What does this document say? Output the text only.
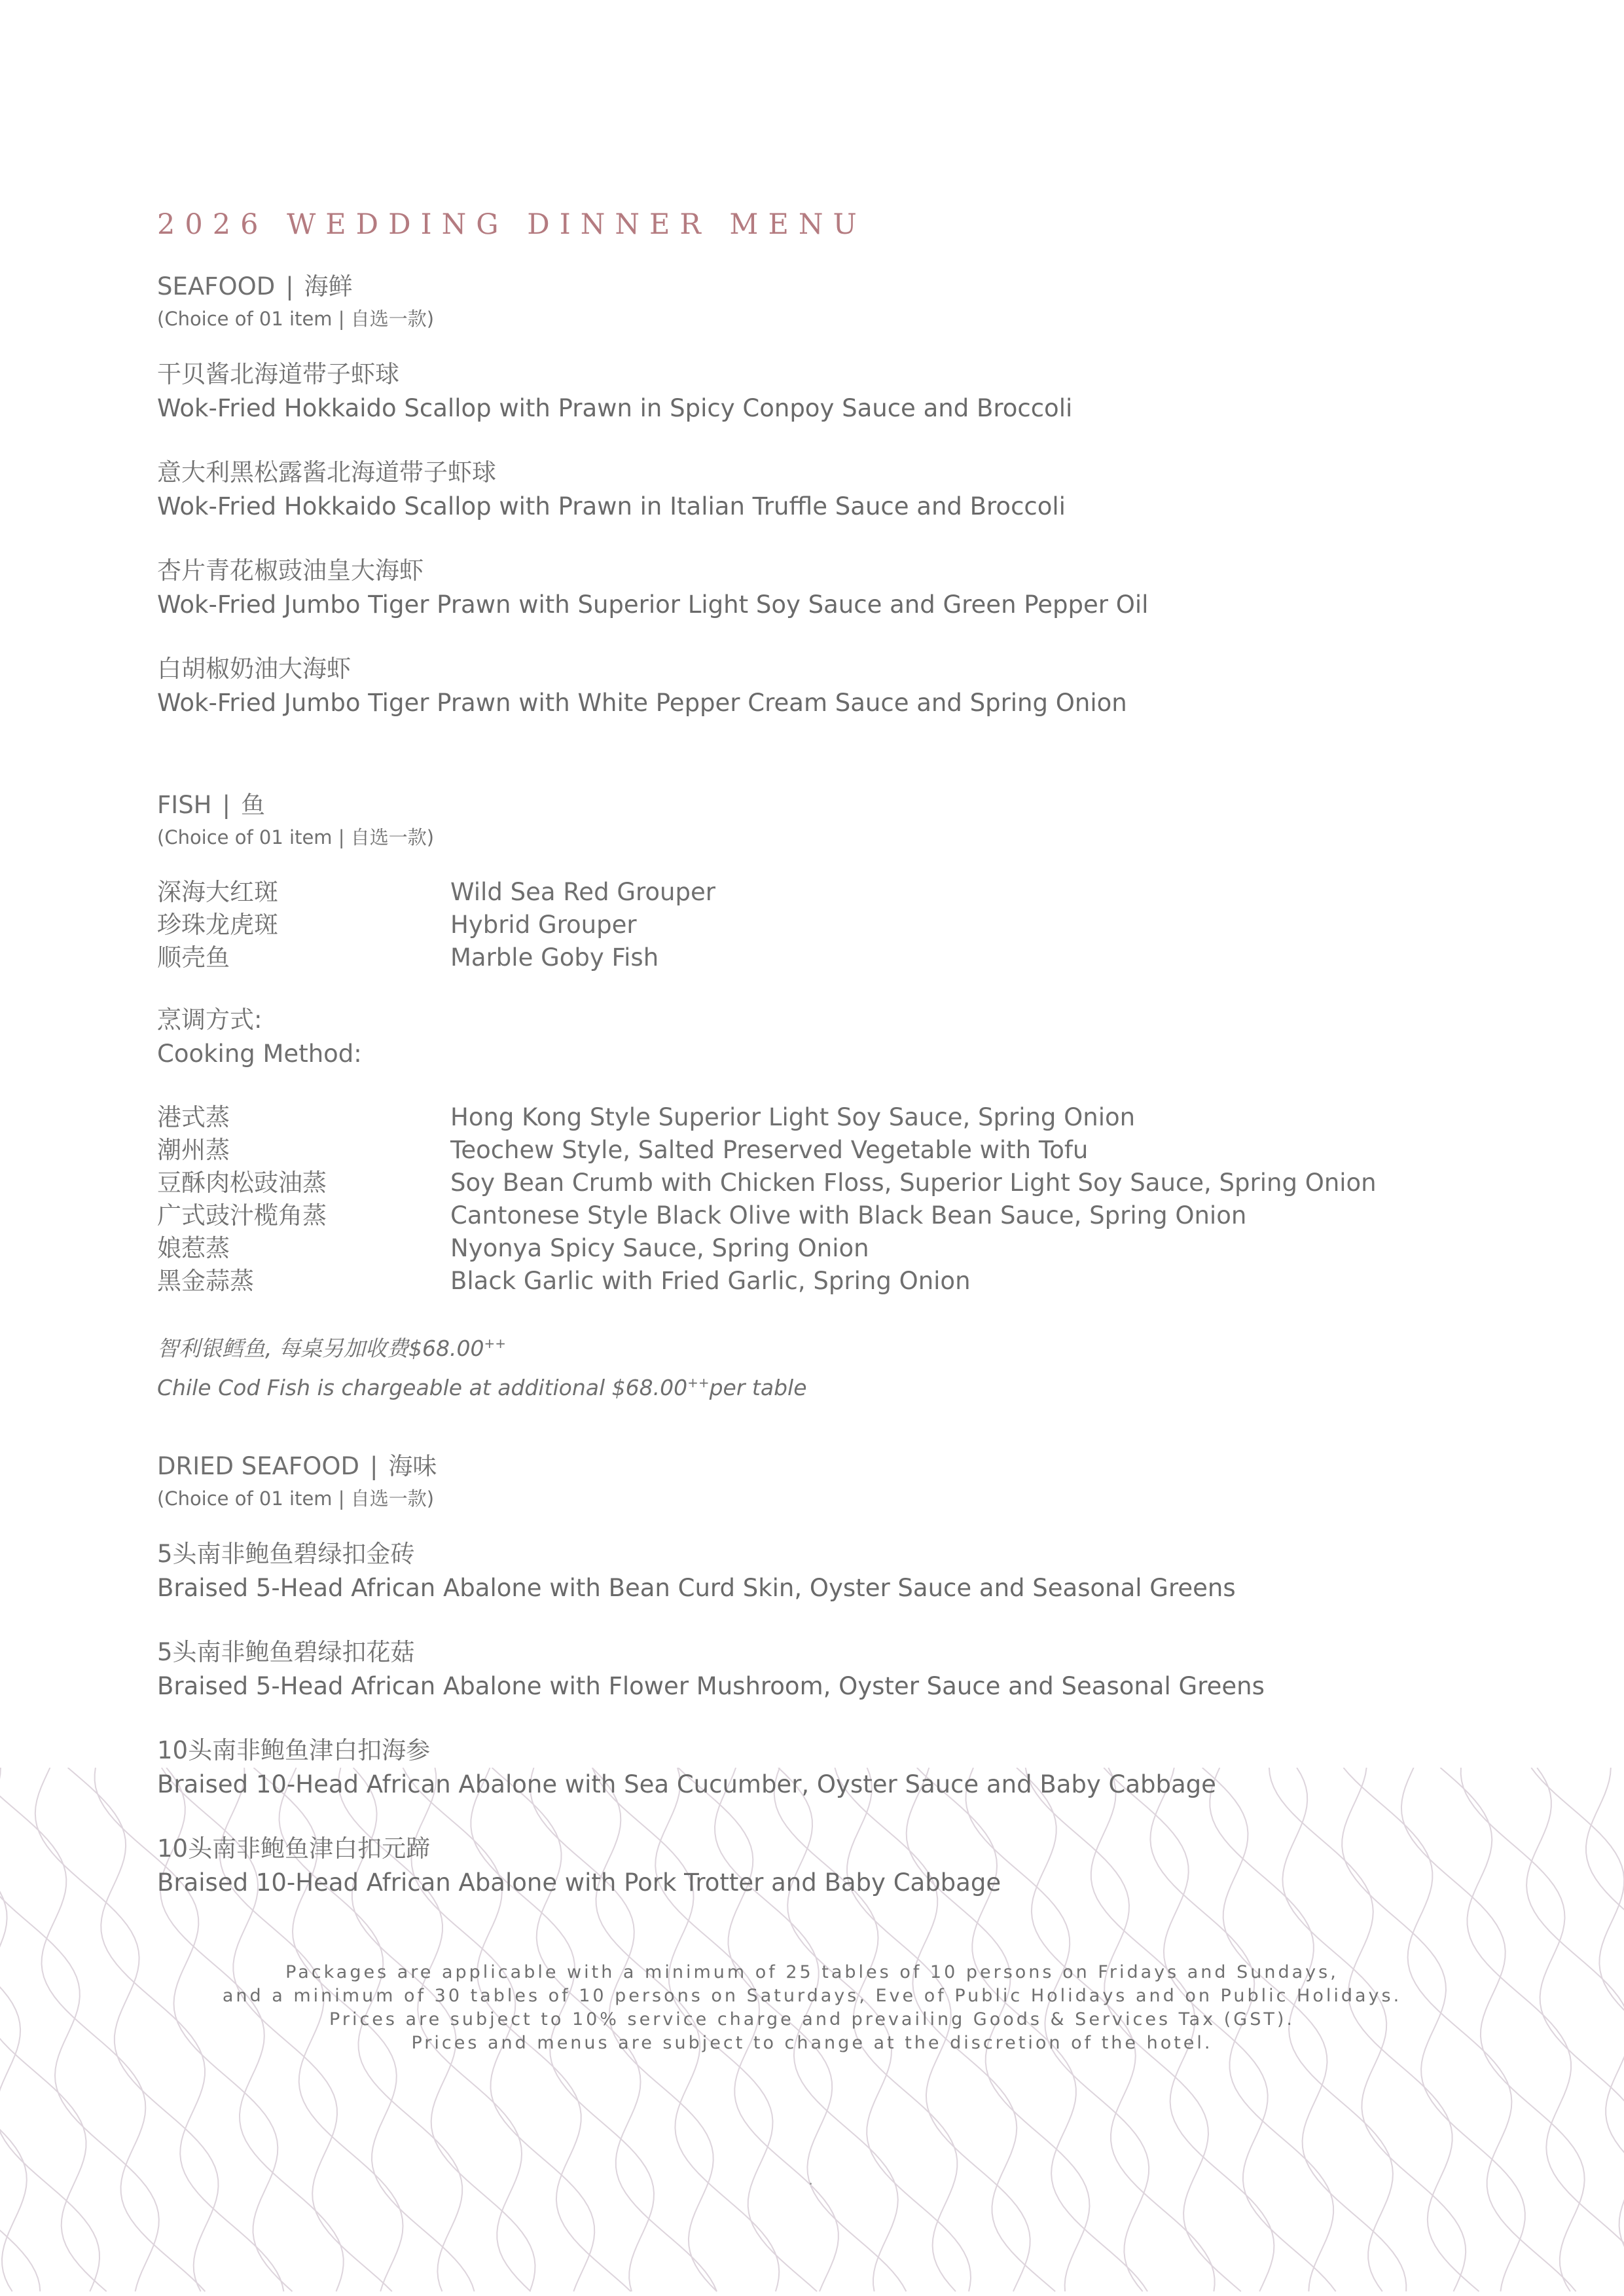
2026 WEDDING DINNER MENU
SEAFOOD | 海鲜
(Choice of 01 item | 自选一款)
干贝酱北海道带子虾球
Wok-Fried Hokkaido Scallop with Prawn in Spicy Conpoy Sauce and Broccoli
意大利黑松露酱北海道带子虾球
Wok-Fried Hokkaido Scallop with Prawn in Italian Truffle Sauce and Broccoli
杏片青花椒豉油皇大海虾
Wok-Fried Jumbo Tiger Prawn with Superior Light Soy Sauce and Green Pepper Oil
白胡椒奶油大海虾
Wok-Fried Jumbo Tiger Prawn with White Pepper Cream Sauce and Spring Onion
FISH | 鱼
(Choice of 01 item | 自选一款)
深海大红斑	Wild Sea Red Grouper
珍珠龙虎斑	Hybrid Grouper
顺壳鱼	Marble Goby Fish
烹调方式:
Cooking Method:
港式蒸	Hong Kong Style Superior Light Soy Sauce, Spring Onion
潮州蒸	Teochew Style, Salted Preserved Vegetable with Tofu
豆酥肉松豉油蒸	Soy Bean Crumb with Chicken Floss, Superior Light Soy Sauce, Spring Onion
广式豉汁榄角蒸	Cantonese Style Black Olive with Black Bean Sauce, Spring Onion
娘惹蒸	Nyonya Spicy Sauce, Spring Onion
黑金蒜蒸	Black Garlic with Fried Garlic, Spring Onion
智利银鳕鱼, 每桌另加收费$68.00++
Chile Cod Fish is chargeable at additional $68.00++per table
DRIED SEAFOOD | 海味
(Choice of 01 item | 自选一款)
5头南非鲍鱼碧绿扣金砖
Braised 5-Head African Abalone with Bean Curd Skin, Oyster Sauce and Seasonal Greens
5头南非鲍鱼碧绿扣花菇
Braised 5-Head African Abalone with Flower Mushroom, Oyster Sauce and Seasonal Greens
10头南非鲍鱼津白扣海参
Braised 10-Head African Abalone with Sea Cucumber, Oyster Sauce and Baby Cabbage
10头南非鲍鱼津白扣元蹄
Braised 10-Head African Abalone with Pork Trotter and Baby Cabbage
Packages are applicable with a minimum of 25 tables of 10 persons on Fridays and Sundays,
and a minimum of 30 tables of 10 persons on Saturdays, Eve of Public Holidays and on Public Holidays.
Prices are subject to 10% service charge and prevailing Goods & Services Tax (GST).
Prices and menus are subject to change at the discretion of the hotel.
